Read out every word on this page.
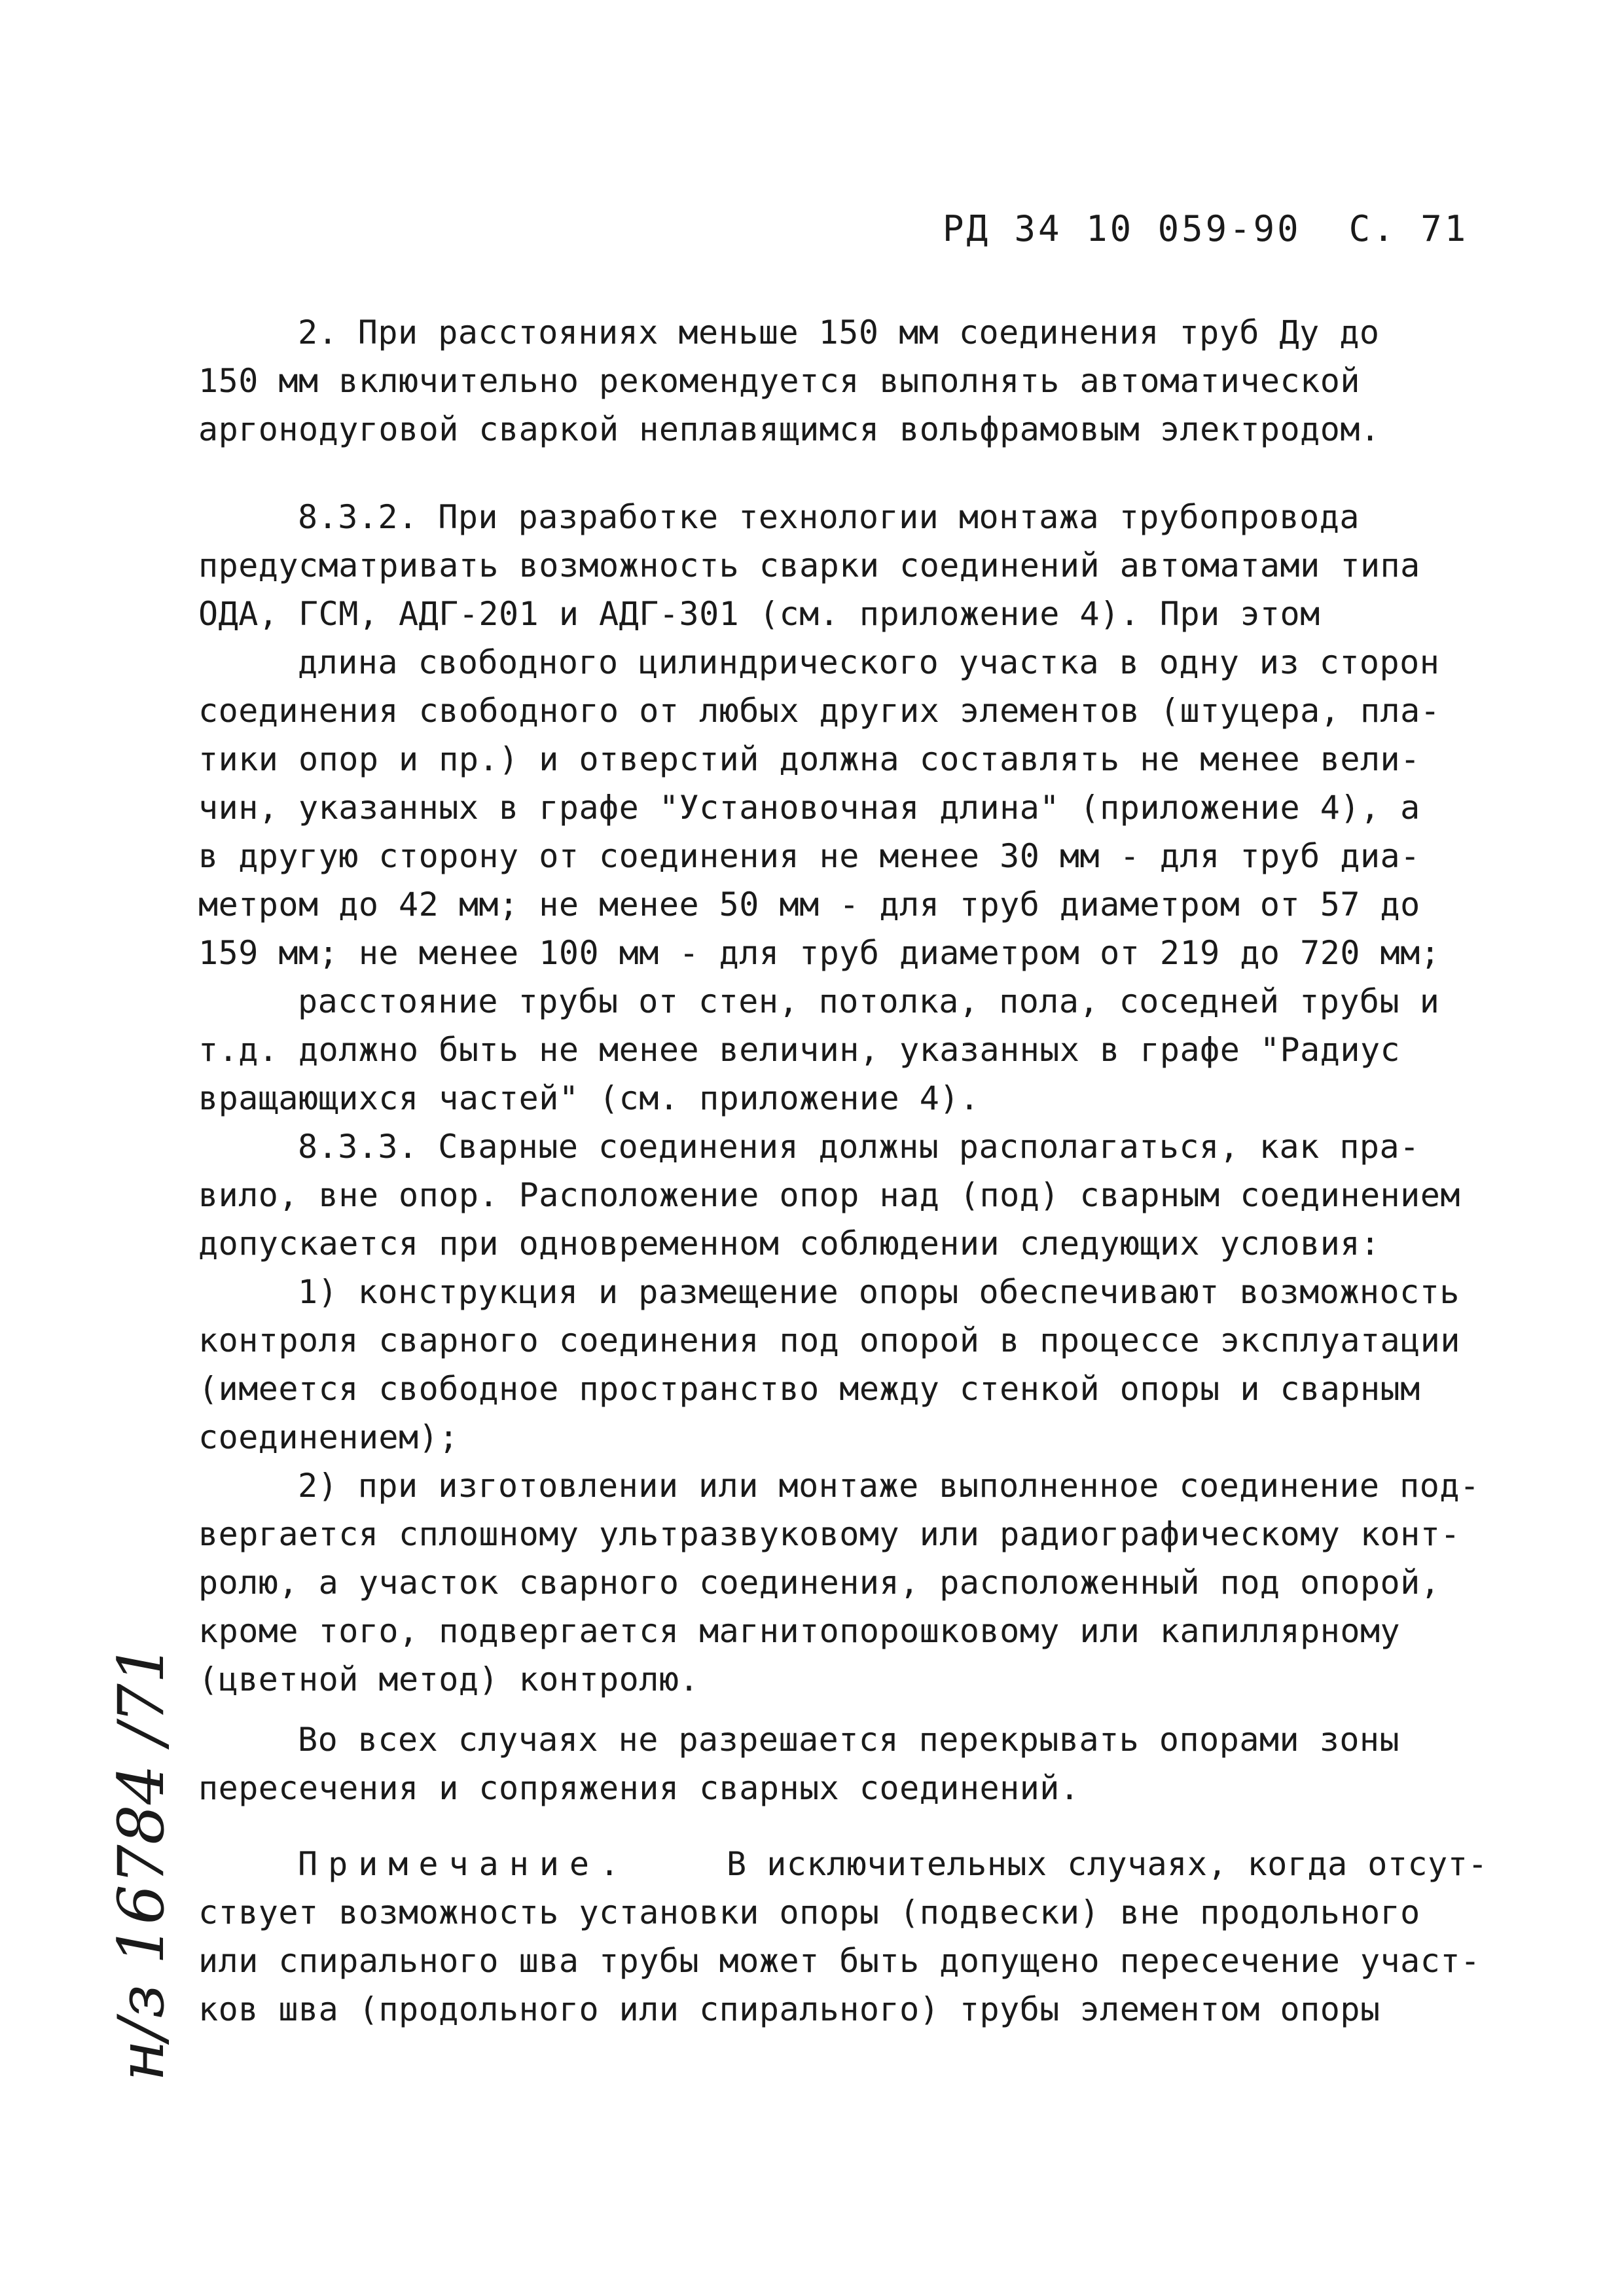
РД 34 10 059-90  С. 71
2. При расстояниях меньше 150 мм соединения труб Ду до
150 мм включительно рекомендуется выполнять автоматической
аргонодуговой сваркой неплавящимся вольфрамовым электродом.
8.3.2. При разработке технологии монтажа трубопровода
предусматривать возможность сварки соединений автоматами типа
ОДА, ГСМ, АДГ-201 и АДГ-301 (см. приложение 4). При этом
длина свободного цилиндрического участка в одну из сторон
соединения свободного от любых других элементов (штуцера, пла-
тики опор и пр.) и отверстий должна составлять не менее вели-
чин, указанных в графе "Установочная длина" (приложение 4), а
в другую сторону от соединения не менее 30 мм - для труб диа-
метром до 42 мм; не менее 50 мм - для труб диаметром от 57 до
159 мм; не менее 100 мм - для труб диаметром от 219 до 720 мм;
расстояние трубы от стен, потолка, пола, соседней трубы и
т.д. должно быть не менее величин, указанных в графе "Радиус
вращающихся частей" (см. приложение 4).
8.3.3. Сварные соединения должны располагаться, как пра-
вило, вне опор. Расположение опор над (под) сварным соединением
допускается при одновременном соблюдении следующих условия:
1) конструкция и размещение опоры обеспечивают возможность
контроля сварного соединения под опорой в процессе эксплуатации
(имеется свободное пространство между стенкой опоры и сварным
соединением);
2) при изготовлении или монтаже выполненное соединение под-
вергается сплошному ультразвуковому или радиографическому конт-
ролю, а участок сварного соединения, расположенный под опорой,
кроме того, подвергается магнитопорошковому или капиллярному
(цветной метод) контролю.
Во всех случаях не разрешается перекрывать опорами зоны
пересечения и сопряжения сварных соединений.
Примечание.	В исключительных случаях, когда отсут-
ствует возможность установки опоры (подвески) вне продольного
или спирального шва трубы может быть допущено пересечение участ-
ков шва (продольного или спирального) трубы элементом опоры
н/з 16784 /71
